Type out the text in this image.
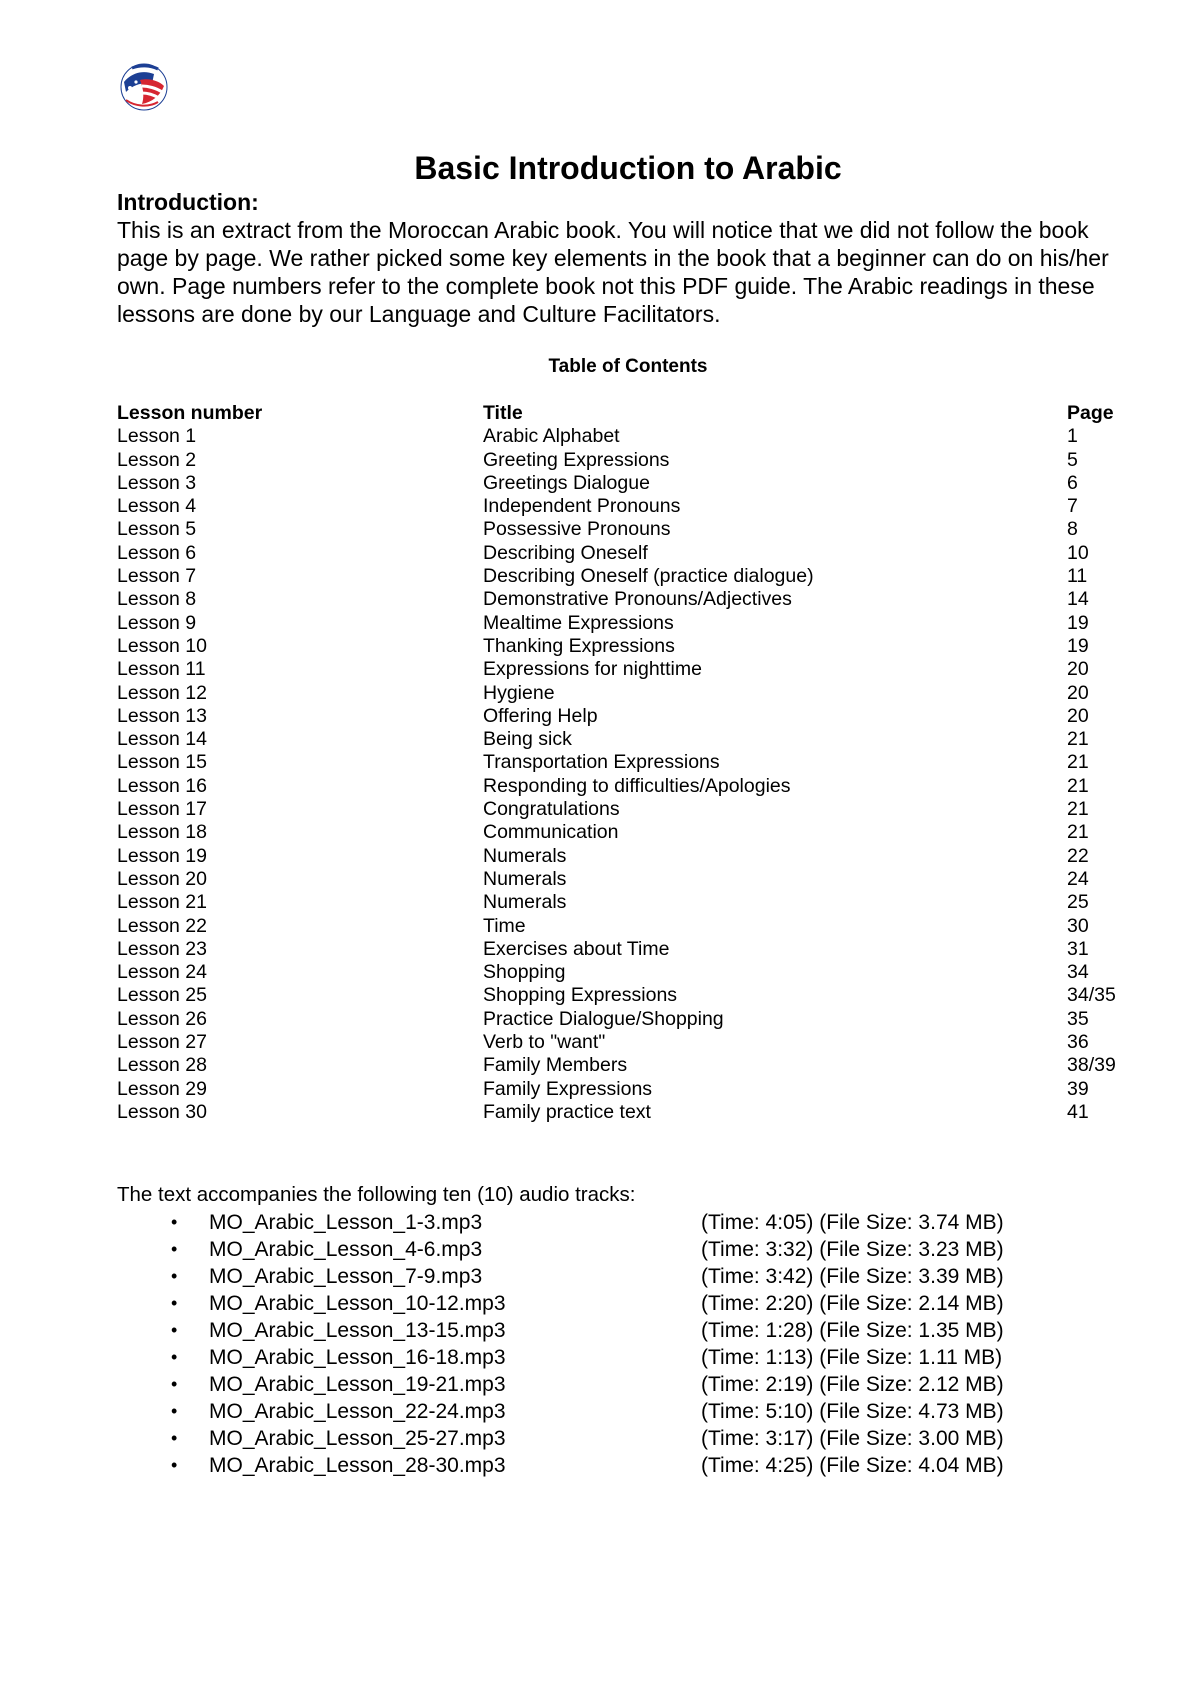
Basic Introduction to Arabic
Introduction:
This is an extract from the Moroccan Arabic book. You will notice that we did not follow the book page by page. We rather picked some key elements in the book that a beginner can do on his/her own. Page numbers refer to the complete book not this PDF guide. The Arabic readings in these lessons are done by our Language and Culture Facilitators.
Table of Contents
Lesson number	Title	Page
Lesson 1	Arabic Alphabet	1
Lesson 2	Greeting Expressions	5
Lesson 3	Greetings Dialogue	6
Lesson 4	Independent Pronouns	7
Lesson 5	Possessive Pronouns	8
Lesson 6	Describing Oneself	10
Lesson 7	Describing Oneself (practice dialogue)	11
Lesson 8	Demonstrative Pronouns/Adjectives	14
Lesson 9	Mealtime Expressions	19
Lesson 10	Thanking Expressions	19
Lesson 11	Expressions for nighttime	20
Lesson 12	Hygiene	20
Lesson 13	Offering Help	20
Lesson 14	Being sick	21
Lesson 15	Transportation Expressions	21
Lesson 16	Responding to difficulties/Apologies	21
Lesson 17	Congratulations	21
Lesson 18	Communication	21
Lesson 19	Numerals	22
Lesson 20	Numerals	24
Lesson 21	Numerals	25
Lesson 22	Time	30
Lesson 23	Exercises about Time	31
Lesson 24	Shopping	34
Lesson 25	Shopping Expressions	34/35
Lesson 26	Practice Dialogue/Shopping	35
Lesson 27	Verb to "want"	36
Lesson 28	Family Members	38/39
Lesson 29	Family Expressions	39
Lesson 30	Family practice text	41
The text accompanies the following ten (10) audio tracks:
• MO_Arabic_Lesson_1-3.mp3	(Time: 4:05) (File Size: 3.74 MB)
• MO_Arabic_Lesson_4-6.mp3	(Time: 3:32) (File Size: 3.23 MB)
• MO_Arabic_Lesson_7-9.mp3	(Time: 3:42) (File Size: 3.39 MB)
• MO_Arabic_Lesson_10-12.mp3	(Time: 2:20) (File Size: 2.14 MB)
• MO_Arabic_Lesson_13-15.mp3	(Time: 1:28) (File Size: 1.35 MB)
• MO_Arabic_Lesson_16-18.mp3	(Time: 1:13) (File Size: 1.11 MB)
• MO_Arabic_Lesson_19-21.mp3	(Time: 2:19) (File Size: 2.12 MB)
• MO_Arabic_Lesson_22-24.mp3	(Time: 5:10) (File Size: 4.73 MB)
• MO_Arabic_Lesson_25-27.mp3	(Time: 3:17) (File Size: 3.00 MB)
• MO_Arabic_Lesson_28-30.mp3	(Time: 4:25) (File Size: 4.04 MB)
